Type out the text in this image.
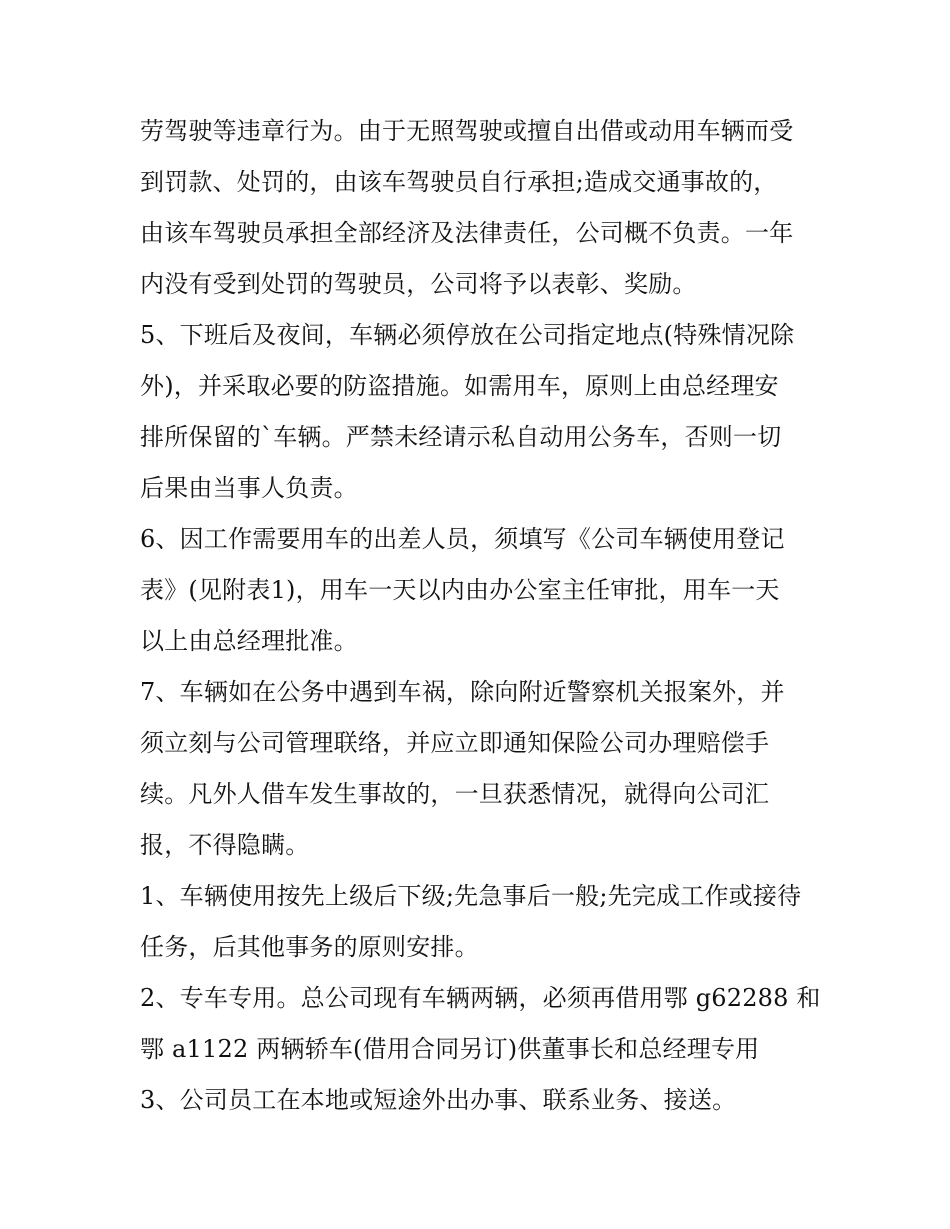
劳驾驶等违章行为。由于无照驾驶或擅自出借或动用车辆而受
到罚款、处罚的，由该车驾驶员自行承担;造成交通事故的，
由该车驾驶员承担全部经济及法律责任，公司概不负责。一年
内没有受到处罚的驾驶员，公司将予以表彰、奖励。
5、下班后及夜间，车辆必须停放在公司指定地点(特殊情况除
外)，并采取必要的防盗措施。如需用车，原则上由总经理安
排所保留的`车辆。严禁未经请示私自动用公务车，否则一切
后果由当事人负责。
6、因工作需要用车的出差人员，须填写《公司车辆使用登记
表》(见附表1)，用车一天以内由办公室主任审批，用车一天
以上由总经理批准。
7、车辆如在公务中遇到车祸，除向附近警察机关报案外，并
须立刻与公司管理联络，并应立即通知保险公司办理赔偿手
续。凡外人借车发生事故的，一旦获悉情况，就得向公司汇
报，不得隐瞒。
1、车辆使用按先上级后下级;先急事后一般;先完成工作或接待
任务，后其他事务的原则安排。
2、专车专用。总公司现有车辆两辆，必须再借用鄂 g62288 和
鄂 a1122 两辆轿车(借用合同另订)供董事长和总经理专用
3、公司员工在本地或短途外出办事、联系业务、接送。
